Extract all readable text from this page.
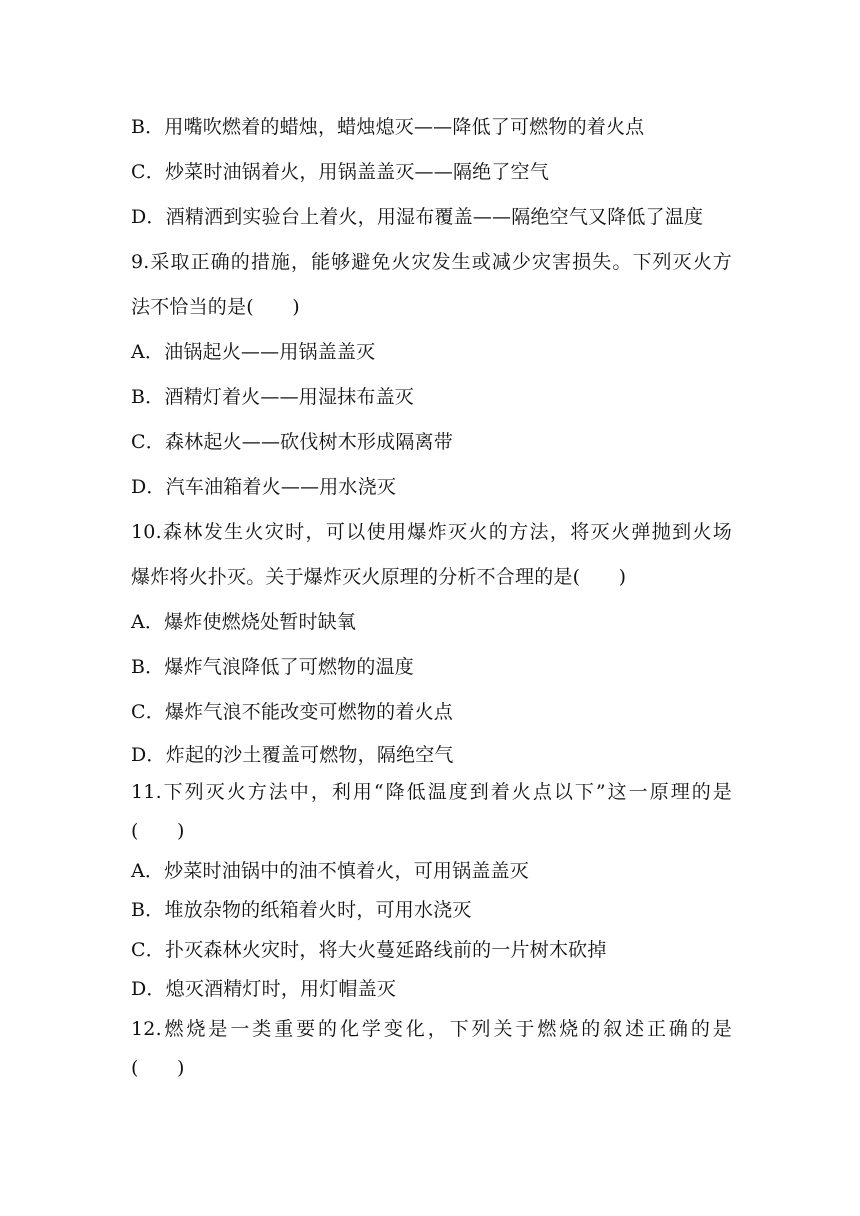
B．用嘴吹燃着的蜡烛，蜡烛熄灭——降低了可燃物的着火点
C．炒菜时油锅着火，用锅盖盖灭——隔绝了空气
D．酒精洒到实验台上着火，用湿布覆盖——隔绝空气又降低了温度
9.采取正确的措施，能够避免火灾发生或减少灾害损失。下列灭火方
法不恰当的是(　　)
A．油锅起火——用锅盖盖灭
B．酒精灯着火——用湿抹布盖灭
C．森林起火——砍伐树木形成隔离带
D．汽车油箱着火——用水浇灭
10.森林发生火灾时，可以使用爆炸灭火的方法，将灭火弹抛到火场
爆炸将火扑灭。关于爆炸灭火原理的分析不合理的是(　　)
A．爆炸使燃烧处暂时缺氧
B．爆炸气浪降低了可燃物的温度
C．爆炸气浪不能改变可燃物的着火点
D．炸起的沙土覆盖可燃物，隔绝空气
11.下列灭火方法中，利用“降低温度到着火点以下”这一原理的是
(　　)
A．炒菜时油锅中的油不慎着火，可用锅盖盖灭
B．堆放杂物的纸箱着火时，可用水浇灭
C．扑灭森林火灾时，将大火蔓延路线前的一片树木砍掉
D．熄灭酒精灯时，用灯帽盖灭
12.燃烧是一类重要的化学变化，下列关于燃烧的叙述正确的是
(　　)
